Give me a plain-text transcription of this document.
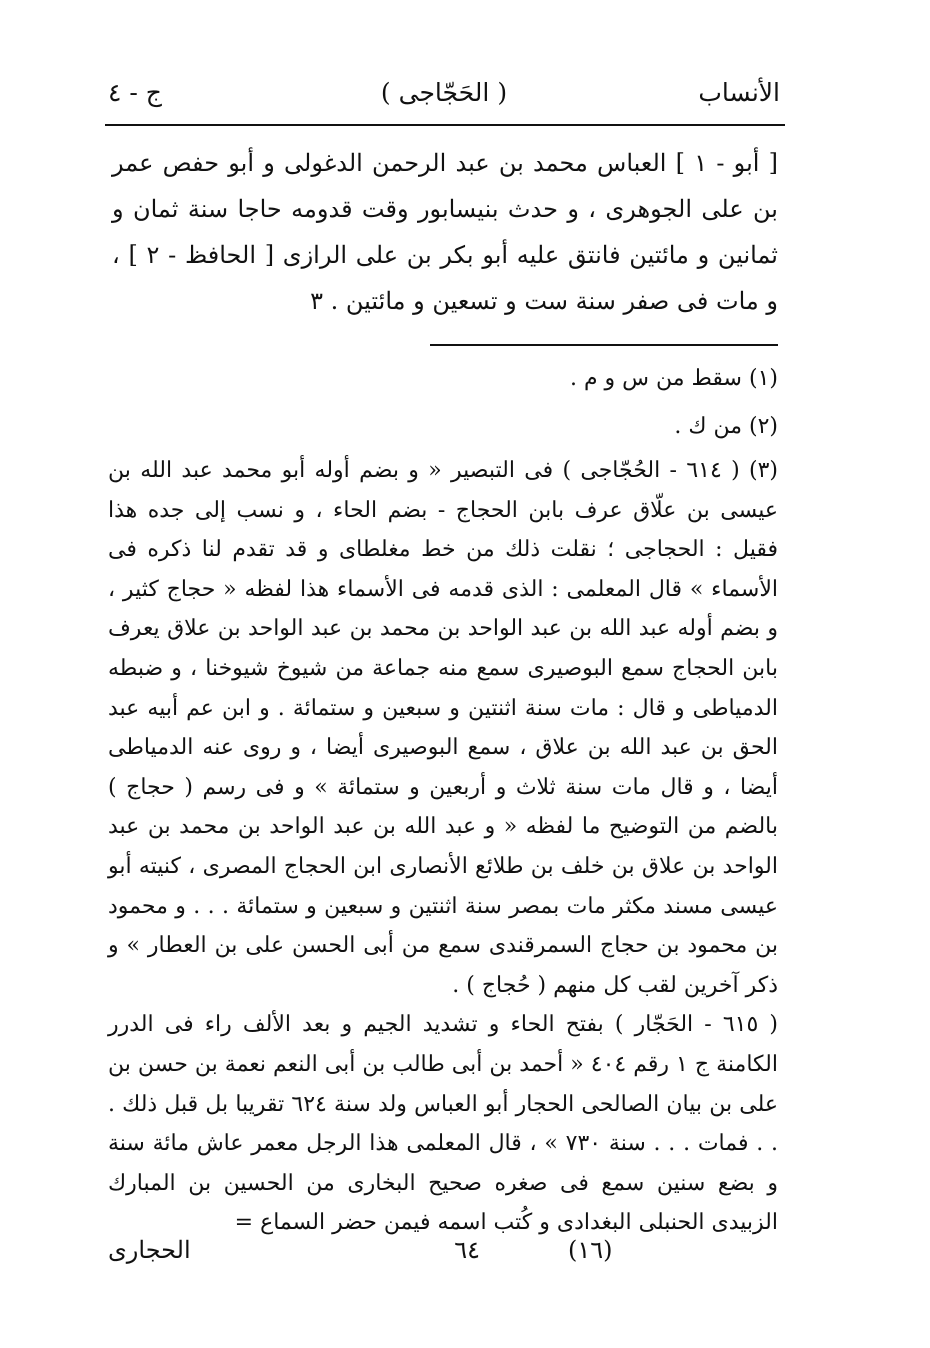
الأنساب
( الحَجّاجى )
ج - ٤

[ أبو - ١ ] العباس محمد بن عبد الرحمن الدغولى و أبو حفص عمر بن على الجوهرى ، و حدث بنيسابور وقت قدومه حاجا سنة ثمان و ثمانين و مائتين فانتق عليه أبو بكر بن على الرازى [ الحافظ - ٢ ] ، و مات فى صفر سنة ست و تسعين و مائتين . ٣

(١) سقط من س و م .

(٢) من ك .

(٣) ( ٦١٤ - الحُجّاجى ) فى التبصير « و بضم أوله أبو محمد عبد الله بن عيسى بن علّاق عرف بابن الحجاج - بضم الحاء ، و نسب إلى جده هذا فقيل : الحجاجى ؛ نقلت ذلك من خط مغلطاى و قد تقدم لنا ذكره فى الأسماء » قال المعلمى : الذى قدمه فى الأسماء هذا لفظه « حجاج كثير ، و بضم أوله عبد الله بن عبد الواحد بن محمد بن عبد الواحد بن علاق يعرف بابن الحجاج سمع البوصيرى سمع منه جماعة من شيوخ شيوخنا ، و ضبطه الدمياطى و قال : مات سنة اثنتين و سبعين و ستمائة . و ابن عم أبيه عبد الحق بن عبد الله بن علاق ، سمع البوصيرى أيضا ، و روى عنه الدمياطى أيضا ، و قال مات سنة ثلاث و أربعين و ستمائة » و فى رسم ( حجاج ) بالضم من التوضيح ما لفظه « و عبد الله بن عبد الواحد بن محمد بن عبد الواحد بن علاق بن خلف بن طلائع الأنصارى ابن الحجاج المصرى ، كنيته أبو عيسى مسند مكثر مات بمصر سنة اثنتين و سبعين و ستمائة . . . و محمود بن محمود بن حجاج السمرقندى سمع من أبى الحسن على بن العطار » و ذكر آخرين لقب كل منهم ( حُجاج ) .

( ٦١٥ - الحَجّار ) بفتح الحاء و تشديد الجيم و بعد الألف راء فى الدرر الكامنة ج ١ رقم ٤٠٤ « أحمد بن أبى طالب بن أبى النعم نعمة بن حسن بن على بن بيان الصالحى الحجار أبو العباس ولد سنة ٦٢٤ تقريبا بل قبل ذلك . . . فمات . . . سنة ٧٣٠ » ، قال المعلمى هذا الرجل معمر عاش مائة سنة و بضع سنين سمع فى صغره صحيح البخارى من الحسين بن المبارك الزبيدى الحنبلى البغدادى و كُتب اسمه فيمن حضر السماع =

٦٤	(١٦)
الحجارى
